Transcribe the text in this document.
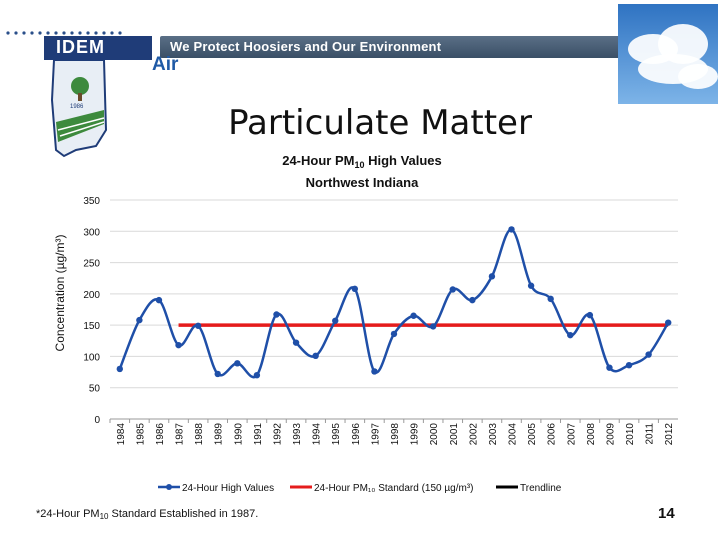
We Protect Hoosiers and Our Environment
IDEM
Air
1986	Particulate Matter
24-Hour $PM_{10}$ High Values
Northwest Indiana
0
50
100
150
200
250
300
350
1984 1985 1986 1987 1988 1989 1990 1991 1992 1993 1994 1995 1996 1997 1998 1999 2000 2001 2002 2003 2004 2005 2006 2007 2008 2009 2010 2011 2012
Concentration (µg/m³)
24-Hour High Values	24-Hour PM₁₀ Standard (150 µg/m³)	Trendline
*24-Hour $PM_{10}$ Standard Established in 1987.	14
